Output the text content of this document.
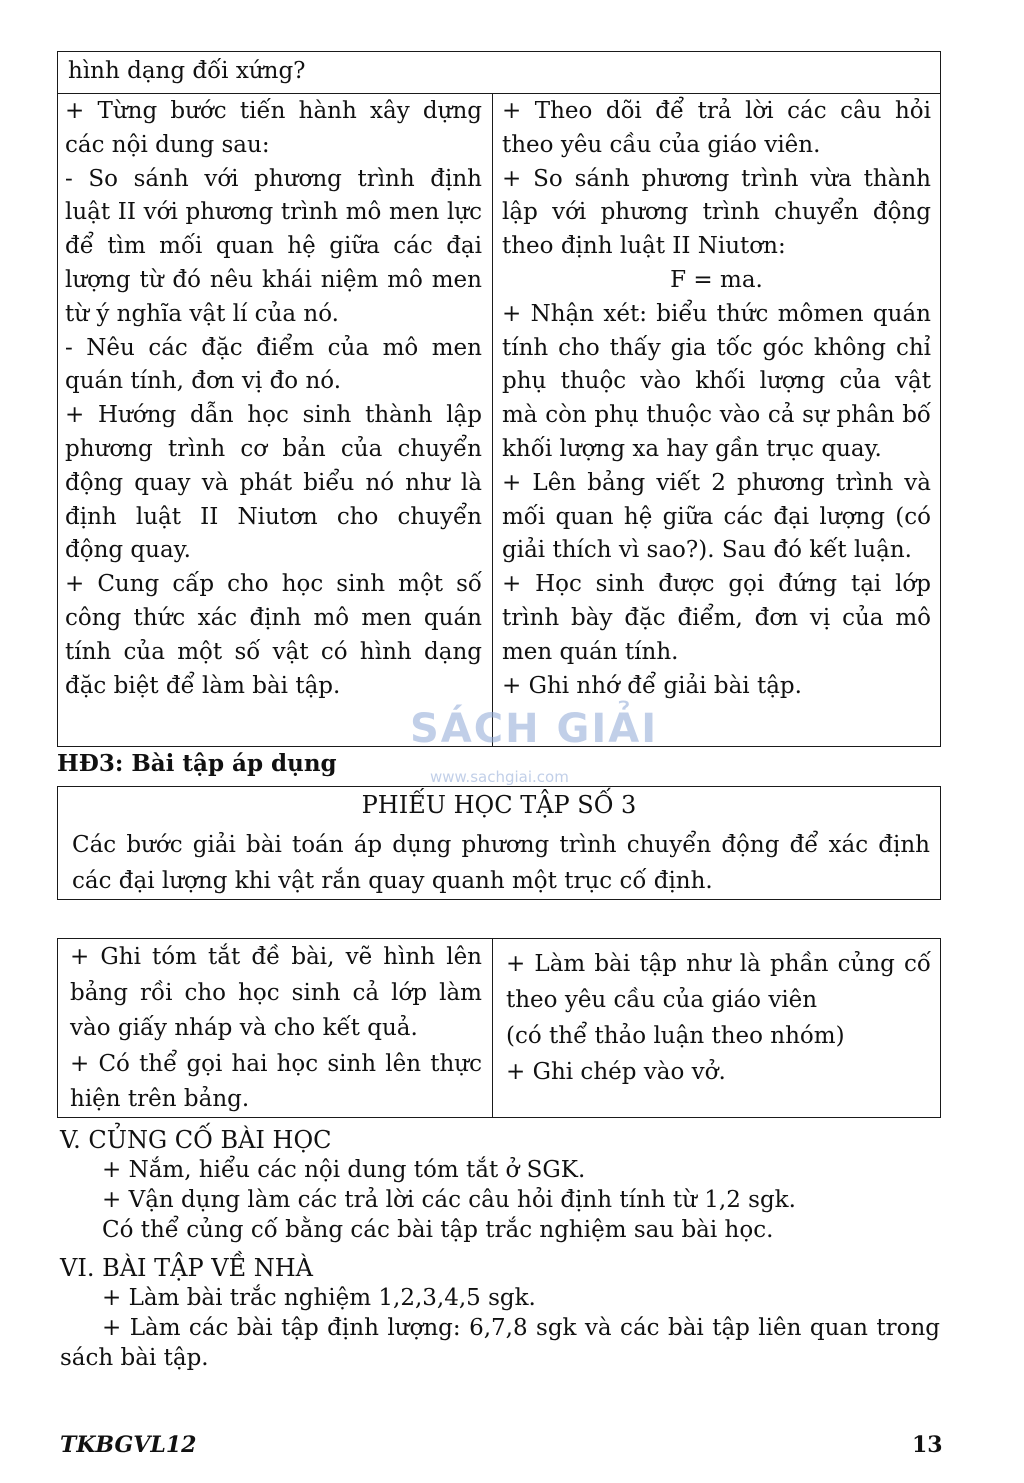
hình dạng đối xứng?

+ Từng bước tiến hành xây dựng các nội dung sau:

- So sánh với phương trình định luật II với phương trình mô men lực để tìm mối quan hệ giữa các đại lượng từ đó nêu khái niệm mô men từ ý nghĩa vật lí của nó.

- Nêu các đặc điểm của mô men quán tính, đơn vị đo nó.

+ Hướng dẫn học sinh thành lập phương trình cơ bản của chuyển động quay và phát biểu nó như là định luật II Niutơn cho chuyển động quay.

+ Cung cấp cho học sinh một số công thức xác định mô men quán tính của một số vật có hình dạng đặc biệt để làm bài tập.

+ Theo dõi để trả lời các câu hỏi theo yêu cầu của giáo viên.

+ So sánh phương trình vừa thành lập với phương trình chuyển động theo định luật II Niutơn:

F = ma.

+ Nhận xét: biểu thức mômen quán tính cho thấy gia tốc góc không chỉ phụ thuộc vào khối lượng của vật mà còn phụ thuộc vào cả sự phân bố khối lượng xa hay gần trục quay.

+ Lên bảng viết 2 phương trình và mối quan hệ giữa các đại lượng (có giải thích vì sao?). Sau đó kết luận.

+ Học sinh được gọi đứng tại lớp trình bày đặc điểm, đơn vị của mô men quán tính.

+ Ghi nhớ để giải bài tập.

SÁCH GIẢI
www.sachgiai.com
HĐ3: Bài tập áp dụng
PHIẾU HỌC TẬP SỐ 3

Các bước giải bài toán áp dụng phương trình chuyển động để xác định các đại lượng khi vật rắn quay quanh một trục cố định.

+ Ghi tóm tắt đề bài, vẽ hình lên bảng rồi cho học sinh cả lớp làm vào giấy nháp và cho kết quả.

+ Có thể gọi hai học sinh lên thực hiện trên bảng.

+ Làm bài tập như là phần củng cố theo yêu cầu của giáo viên

(có thể thảo luận theo nhóm)

+ Ghi chép vào vở.

V. CỦNG CỐ BÀI HỌC

+ Nắm, hiểu các nội dung tóm tắt ở SGK.

+ Vận dụng làm các trả lời các câu hỏi định tính từ 1,2 sgk.

Có thể củng cố bằng các bài tập trắc nghiệm sau bài học.

VI. BÀI TẬP VỀ NHÀ

+ Làm bài trắc nghiệm 1,2,3,4,5 sgk.

+ Làm các bài tập định lượng: 6,7,8 sgk và các bài tập liên quan trong sách bài tập.

TKBGVL12	13
